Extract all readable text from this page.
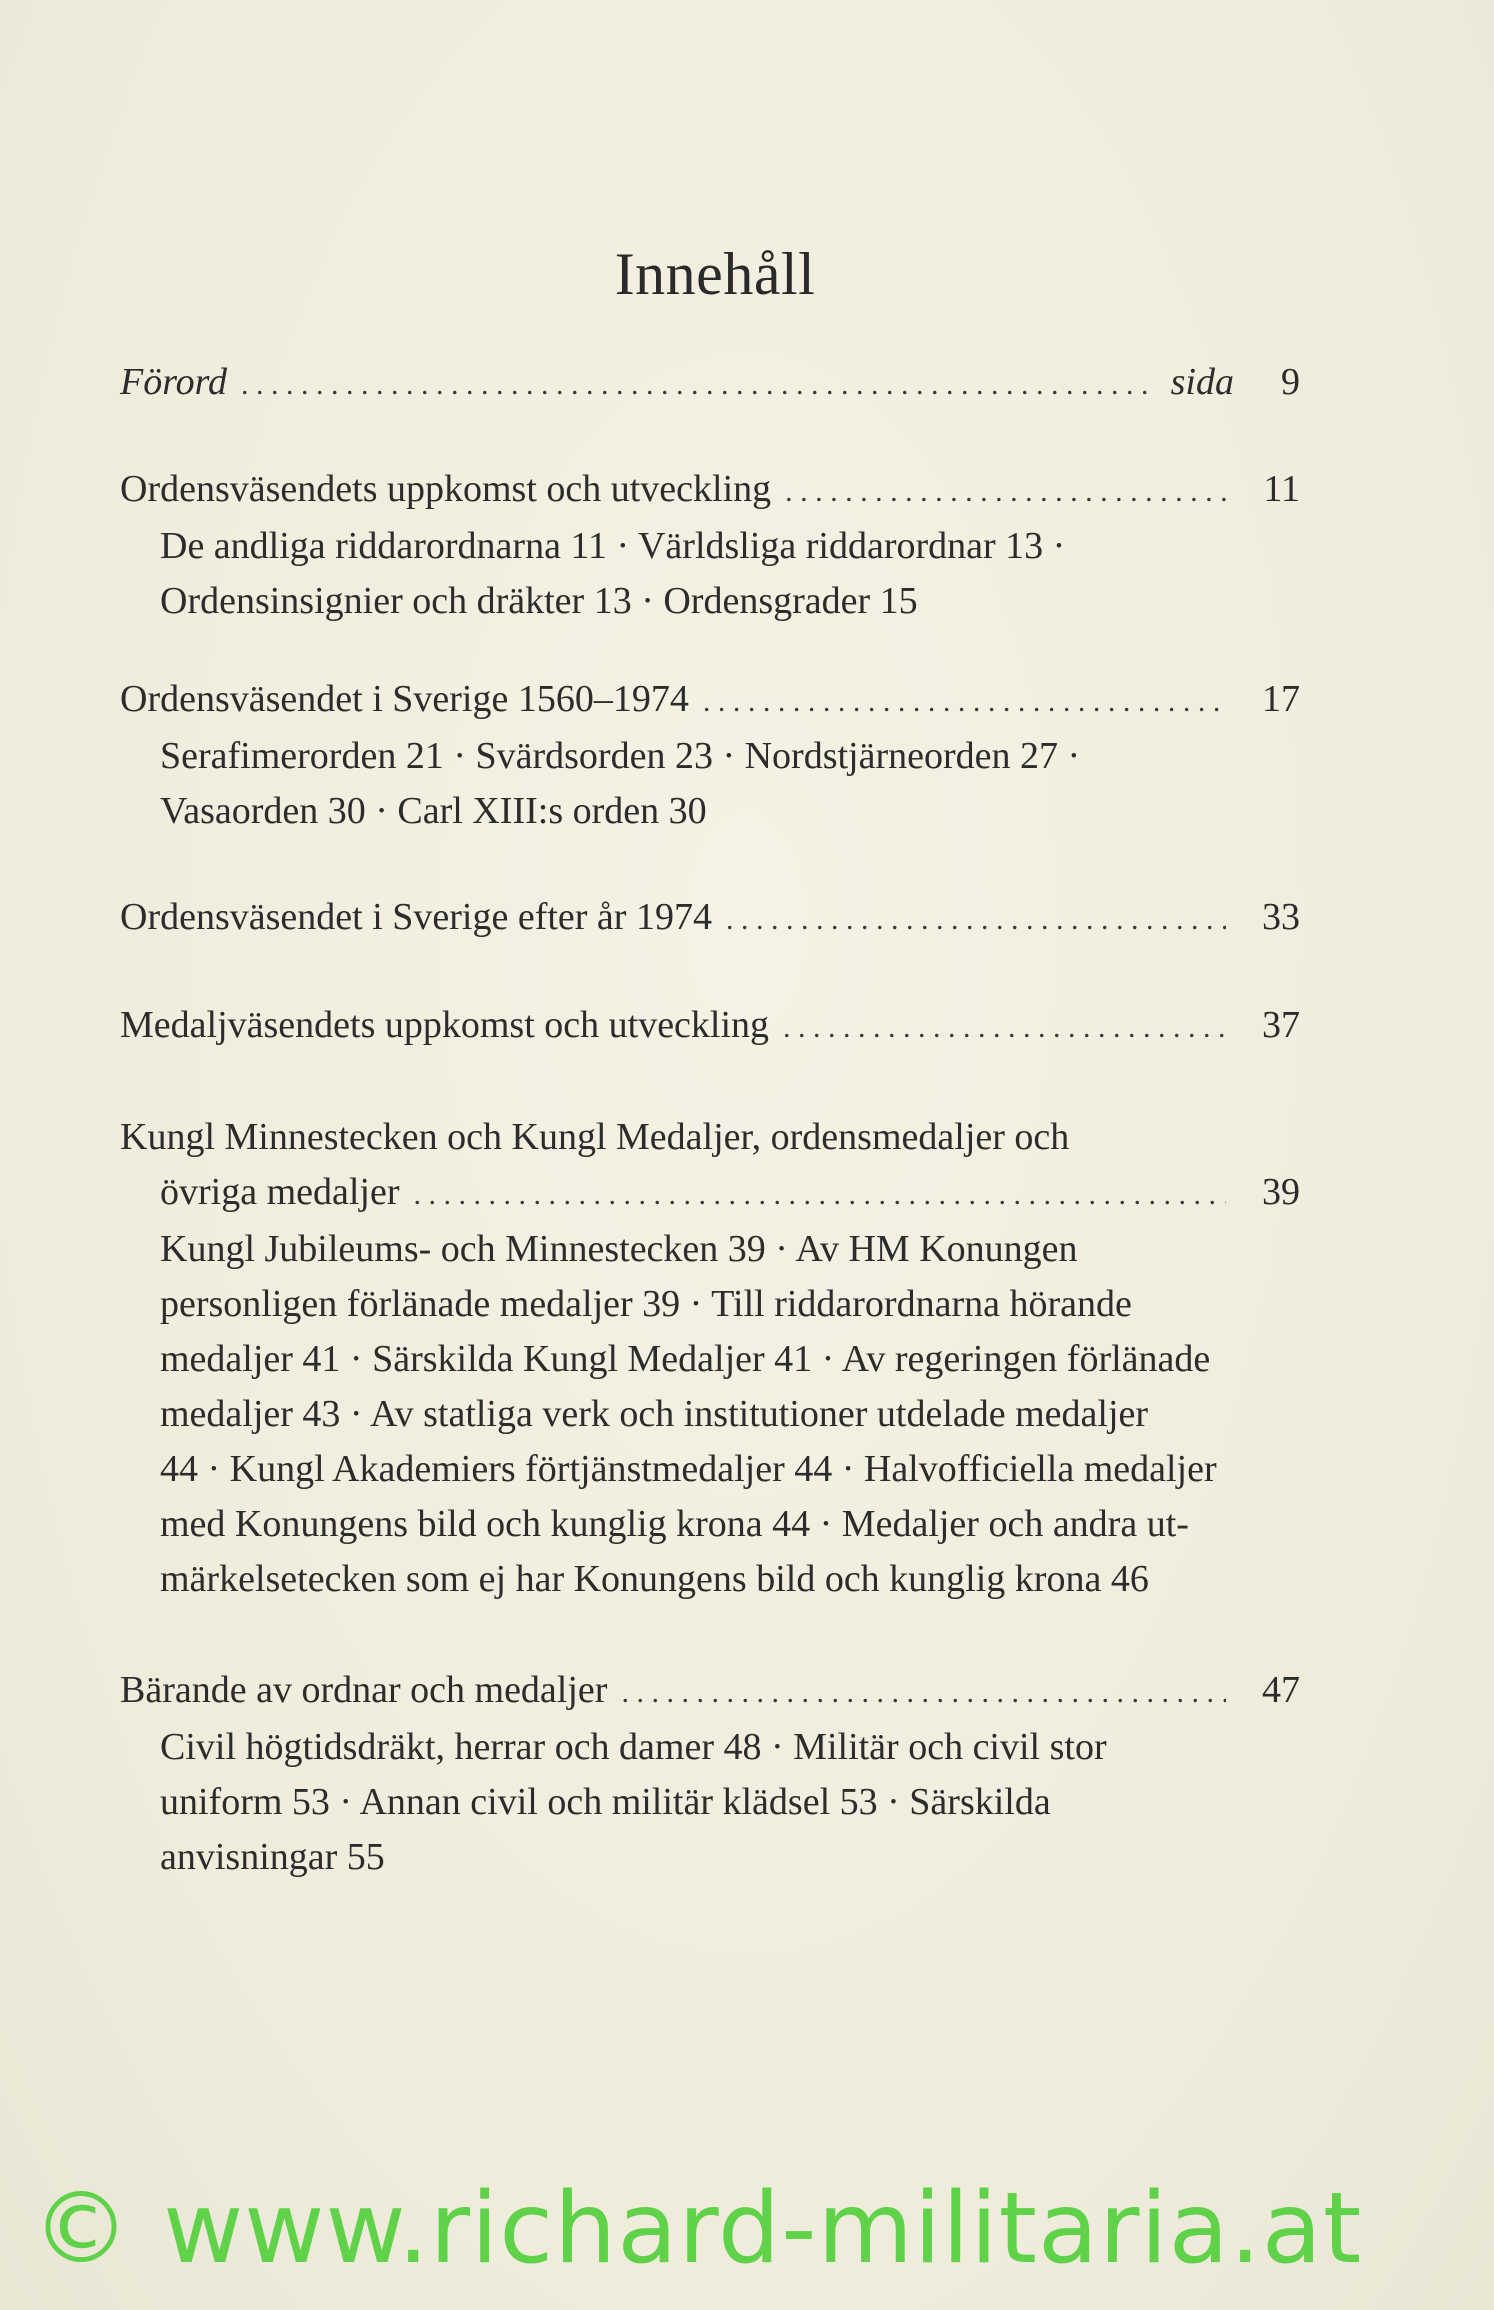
Innehåll
Förord . . .	sida 9
Ordensväsendets uppkomst och utveckling . . .	11
De andliga riddarordnarna 11 · Världsliga riddarordnar 13 ·
Ordensinsignier och dräkter 13 · Ordensgrader 15
Ordensväsendet i Sverige 1560–1974 . . .	17
Serafimerorden 21 · Svärdsorden 23 · Nordstjärneorden 27 ·
Vasaorden 30 · Carl XIII:s orden 30
Ordensväsendet i Sverige efter år 1974 . . .	33
Medaljväsendets uppkomst och utveckling . . .	37
Kungl Minnestecken och Kungl Medaljer, ordensmedaljer och
övriga medaljer . . .	39
Kungl Jubileums- och Minnestecken 39 · Av HM Konungen
personligen förlänade medaljer 39 · Till riddarordnarna hörande
medaljer 41 · Särskilda Kungl Medaljer 41 · Av regeringen förlänade
medaljer 43 · Av statliga verk och institutioner utdelade medaljer
44 · Kungl Akademiers förtjänstmedaljer 44 · Halvofficiella medaljer
med Konungens bild och kunglig krona 44 · Medaljer och andra ut-
märkelsetecken som ej har Konungens bild och kunglig krona 46
Bärande av ordnar och medaljer . . .	47
Civil högtidsdräkt, herrar och damer 48 · Militär och civil stor
uniform 53 · Annan civil och militär klädsel 53 · Särskilda
anvisningar 55
© www.richard-militaria.at
